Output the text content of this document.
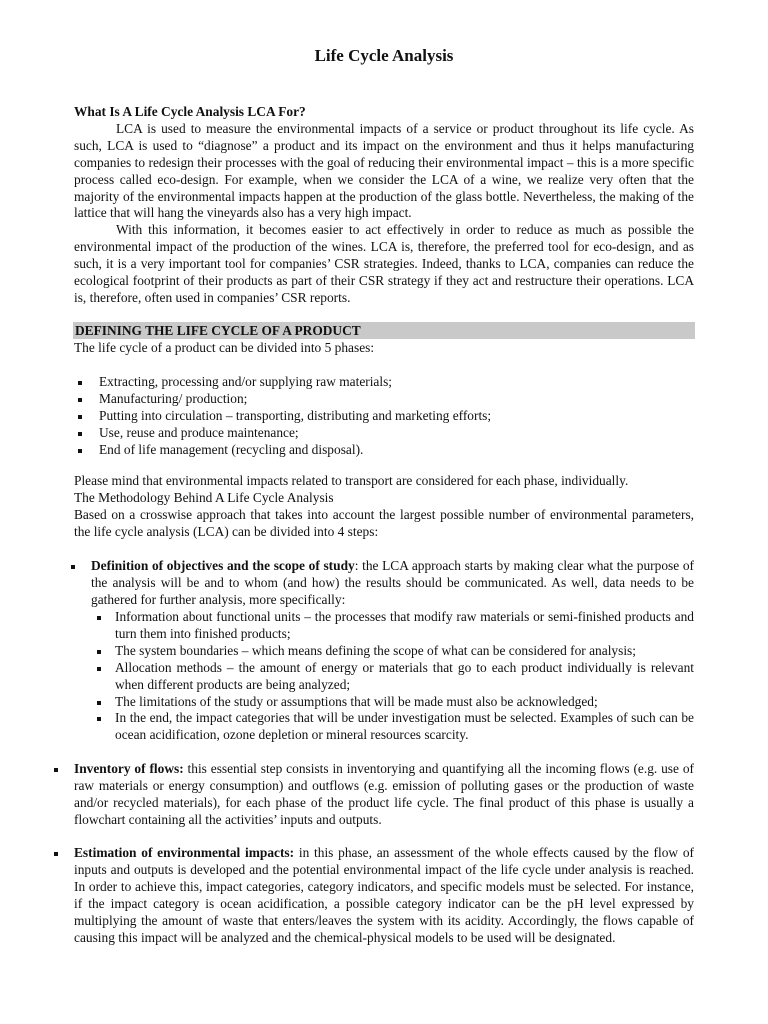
Life Cycle Analysis

What Is A Life Cycle Analysis LCA For?

LCA is used to measure the environmental impacts of a service or product throughout its life cycle. As such, LCA is used to “diagnose” a product and its impact on the environment and thus it helps manufacturing companies to redesign their processes with the goal of reducing their environmental impact – this is a more specific process called eco-design. For example, when we consider the LCA of a wine, we realize very often that the majority of the environmental impacts happen at the production of the glass bottle. Nevertheless, the making of the lattice that will hang the vineyards also has a very high impact.

With this information, it becomes easier to act effectively in order to reduce as much as possible the environmental impact of the production of the wines. LCA is, therefore, the preferred tool for eco-design, and as such, it is a very important tool for companies’ CSR strategies. Indeed, thanks to LCA, companies can reduce the ecological footprint of their products as part of their CSR strategy if they act and restructure their operations. LCA is, therefore, often used in companies’ CSR reports.

DEFINING THE LIFE CYCLE OF A PRODUCT

The life cycle of a product can be divided into 5 phases:

Extracting, processing and/or supplying raw materials;
Manufacturing/ production;
Putting into circulation – transporting, distributing and marketing efforts;
Use, reuse and produce maintenance;
End of life management (recycling and disposal).

Please mind that environmental impacts related to transport are considered for each phase, individually.

The Methodology Behind A Life Cycle Analysis

Based on a crosswise approach that takes into account the largest possible number of environmental parameters, the life cycle analysis (LCA) can be divided into 4 steps:

Definition of objectives and the scope of study: the LCA approach starts by making clear what the purpose of the analysis will be and to whom (and how) the results should be communicated. As well, data needs to be gathered for further analysis, more specifically:

Information about functional units – the processes that modify raw materials or semi-finished products and turn them into finished products;
The system boundaries – which means defining the scope of what can be considered for analysis;
Allocation methods – the amount of energy or materials that go to each product individually is relevant when different products are being analyzed;
The limitations of the study or assumptions that will be made must also be acknowledged;
In the end, the impact categories that will be under investigation must be selected. Examples of such can be ocean acidification, ozone depletion or mineral resources scarcity.

Inventory of flows: this essential step consists in inventorying and quantifying all the incoming flows (e.g. use of raw materials or energy consumption) and outflows (e.g. emission of polluting gases or the production of waste and/or recycled materials), for each phase of the product life cycle. The final product of this phase is usually a flowchart containing all the activities’ inputs and outputs.

Estimation of environmental impacts: in this phase, an assessment of the whole effects caused by the flow of inputs and outputs is developed and the potential environmental impact of the life cycle under analysis is reached. In order to achieve this, impact categories, category indicators, and specific models must be selected. For instance, if the impact category is ocean acidification, a possible category indicator can be the pH level expressed by multiplying the amount of waste that enters/leaves the system with its acidity. Accordingly, the flows capable of causing this impact will be analyzed and the chemical-physical models to be used will be designated.
